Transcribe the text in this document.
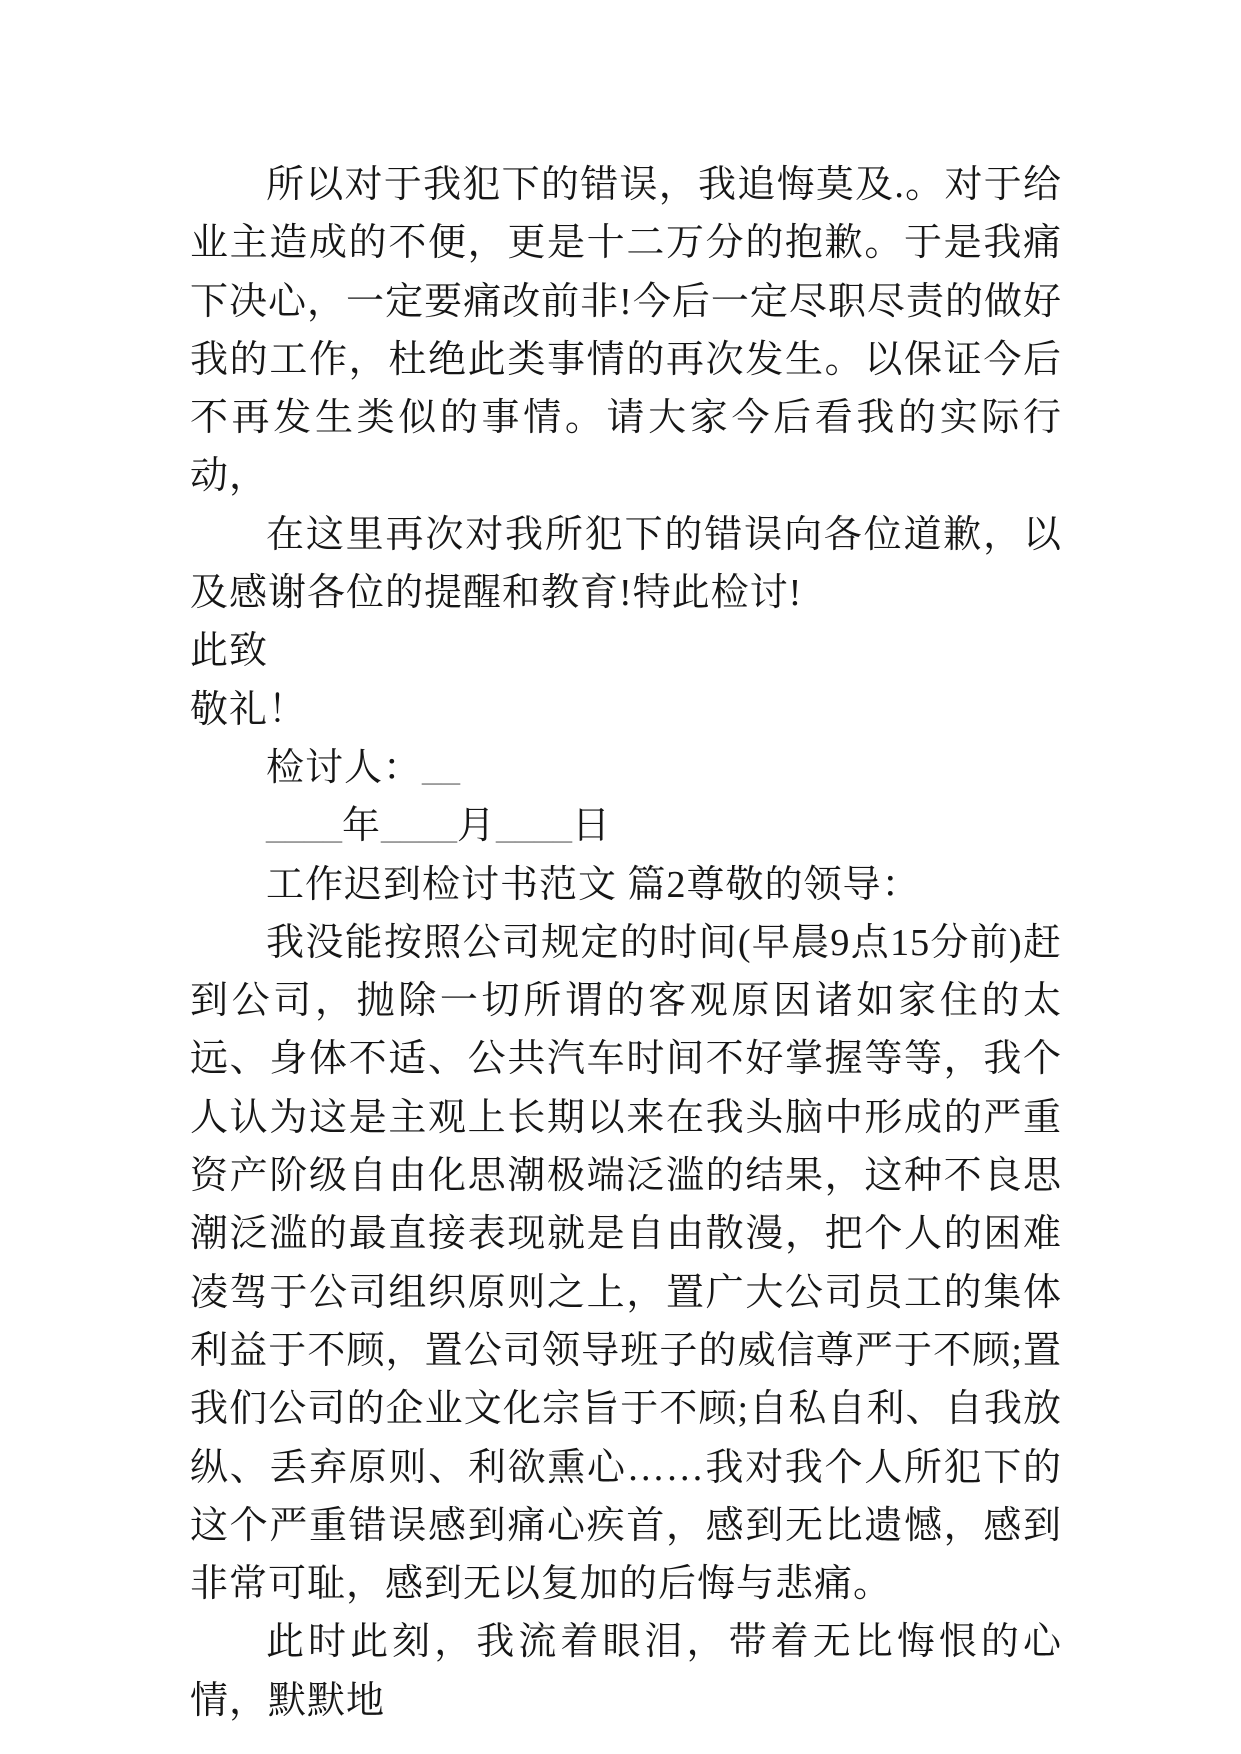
所以对于我犯下的错误，我追悔莫及.。对于给业主造成的不便，更是十二万分的抱歉。于是我痛下决心，一定要痛改前非!今后一定尽职尽责的做好我的工作，杜绝此类事情的再次发生。以保证今后不再发生类似的事情。请大家今后看我的实际行动，

在这里再次对我所犯下的错误向各位道歉，以及感谢各位的提醒和教育!特此检讨!

此致

敬礼！

检讨人：__

____年____月____日

工作迟到检讨书范文 篇2尊敬的领导：

我没能按照公司规定的时间(早晨9点15分前)赶到公司，抛除一切所谓的客观原因诸如家住的太远、身体不适、公共汽车时间不好掌握等等，我个人认为这是主观上长期以来在我头脑中形成的严重资产阶级自由化思潮极端泛滥的结果，这种不良思潮泛滥的最直接表现就是自由散漫，把个人的困难凌驾于公司组织原则之上，置广大公司员工的集体利益于不顾，置公司领导班子的威信尊严于不顾;置我们公司的企业文化宗旨于不顾;自私自利、自我放纵、丢弃原则、利欲熏心……我对我个人所犯下的这个严重错误感到痛心疾首，感到无比遗憾，感到非常可耻，感到无以复加的后悔与悲痛。

此时此刻，我流着眼泪，带着无比悔恨的心情，默默地
